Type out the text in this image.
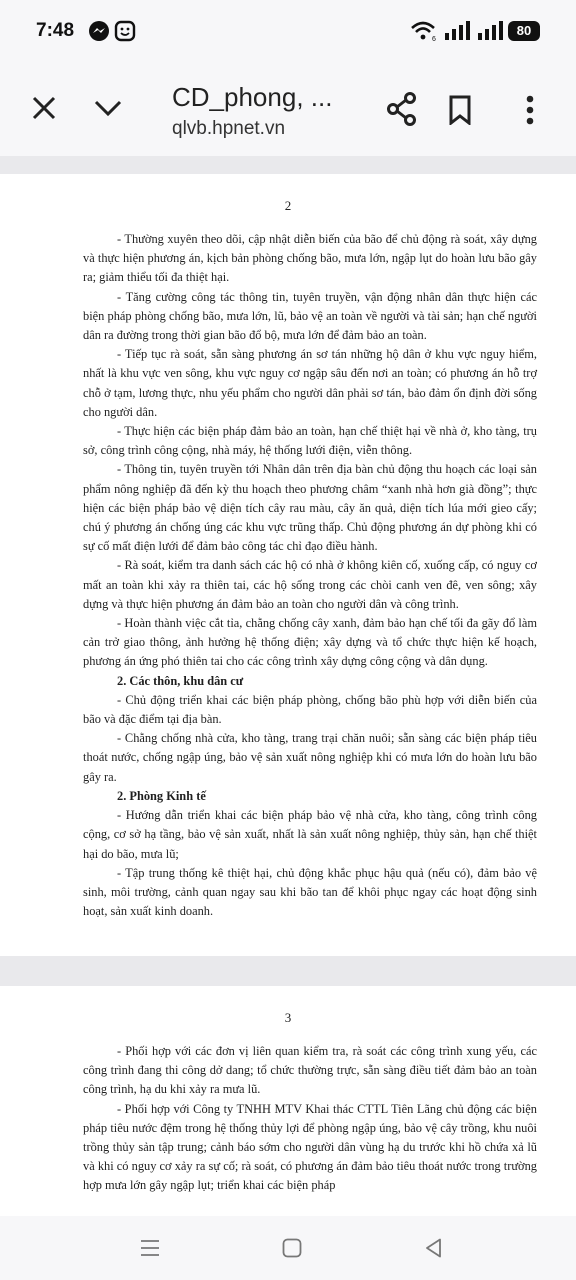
7:48	6
80
CD_phong, ...
qlvb.hpnet.vn
2

- Thường xuyên theo dõi, cập nhật diễn biến của bão để chủ động rà soát, xây dựng và thực hiện phương án, kịch bản phòng chống bão, mưa lớn, ngập lụt do hoàn lưu bão gây ra; giảm thiểu tối đa thiệt hại.

- Tăng cường công tác thông tin, tuyên truyền, vận động nhân dân thực hiện các biện pháp phòng chống bão, mưa lớn, lũ, bảo vệ an toàn về người và tài sản; hạn chế người dân ra đường trong thời gian bão đổ bộ, mưa lớn để đảm bảo an toàn.

- Tiếp tục rà soát, sẵn sàng phương án sơ tán những hộ dân ở khu vực nguy hiểm, nhất là khu vực ven sông, khu vực nguy cơ ngập sâu đến nơi an toàn; có phương án hỗ trợ chỗ ở tạm, lương thực, nhu yếu phẩm cho người dân phải sơ tán, bảo đảm ổn định đời sống cho người dân.

- Thực hiện các biện pháp đảm bảo an toàn, hạn chế thiệt hại về nhà ở, kho tàng, trụ sở, công trình công cộng, nhà máy, hệ thống lưới điện, viễn thông.

- Thông tin, tuyên truyền tới Nhân dân trên địa bàn chủ động thu hoạch các loại sản phẩm nông nghiệp đã đến kỳ thu hoạch theo phương châm “xanh nhà hơn già đồng”; thực hiện các biện pháp bảo vệ diện tích cây rau màu, cây ăn quả, diện tích lúa mới gieo cấy; chú ý phương án chống úng các khu vực trũng thấp. Chủ động phương án dự phòng khi có sự cố mất điện lưới để đảm bảo công tác chỉ đạo điều hành.

- Rà soát, kiểm tra danh sách các hộ có nhà ở không kiên cố, xuống cấp, có nguy cơ mất an toàn khi xảy ra thiên tai, các hộ sống trong các chòi canh ven đê, ven sông; xây dựng và thực hiện phương án đảm bảo an toàn cho người dân và công trình.

- Hoàn thành việc cắt tỉa, chằng chống cây xanh, đảm bảo hạn chế tối đa gãy đổ làm cản trở giao thông, ảnh hưởng hệ thống điện; xây dựng và tổ chức thực hiện kế hoạch, phương án ứng phó thiên tai cho các công trình xây dựng công cộng và dân dụng.

2. Các thôn, khu dân cư

- Chủ động triển khai các biện pháp phòng, chống bão phù hợp với diễn biến của bão và đặc điểm tại địa bàn.

- Chằng chống nhà cửa, kho tàng, trang trại chăn nuôi; sẵn sàng các biện pháp tiêu thoát nước, chống ngập úng, bảo vệ sản xuất nông nghiệp khi có mưa lớn do hoàn lưu bão gây ra.

2. Phòng Kinh tế

- Hướng dẫn triển khai các biện pháp bảo vệ nhà cửa, kho tàng, công trình công cộng, cơ sở hạ tầng, bảo vệ sản xuất, nhất là sản xuất nông nghiệp, thủy sản, hạn chế thiệt hại do bão, mưa lũ;

- Tập trung thống kê thiệt hại, chủ động khắc phục hậu quả (nếu có), đảm bảo vệ sinh, môi trường, cảnh quan ngay sau khi bão tan để khôi phục ngay các hoạt động sinh hoạt, sản xuất kinh doanh.

3

- Phối hợp với các đơn vị liên quan kiểm tra, rà soát các công trình xung yếu, các công trình đang thi công dở dang; tổ chức thường trực, sẵn sàng điều tiết đảm bảo an toàn công trình, hạ du khi xảy ra mưa lũ.

- Phối hợp với Công ty TNHH MTV Khai thác CTTL Tiên Lãng chủ động các biện pháp tiêu nước đệm trong hệ thống thủy lợi để phòng ngập úng, bảo vệ cây trồng, khu nuôi trồng thủy sản tập trung; cảnh báo sớm cho người dân vùng hạ du trước khi hồ chứa xả lũ và khi có nguy cơ xảy ra sự cố; rà soát, có phương án đảm bảo tiêu thoát nước trong trường hợp mưa lớn gây ngập lụt; triển khai các biện pháp
